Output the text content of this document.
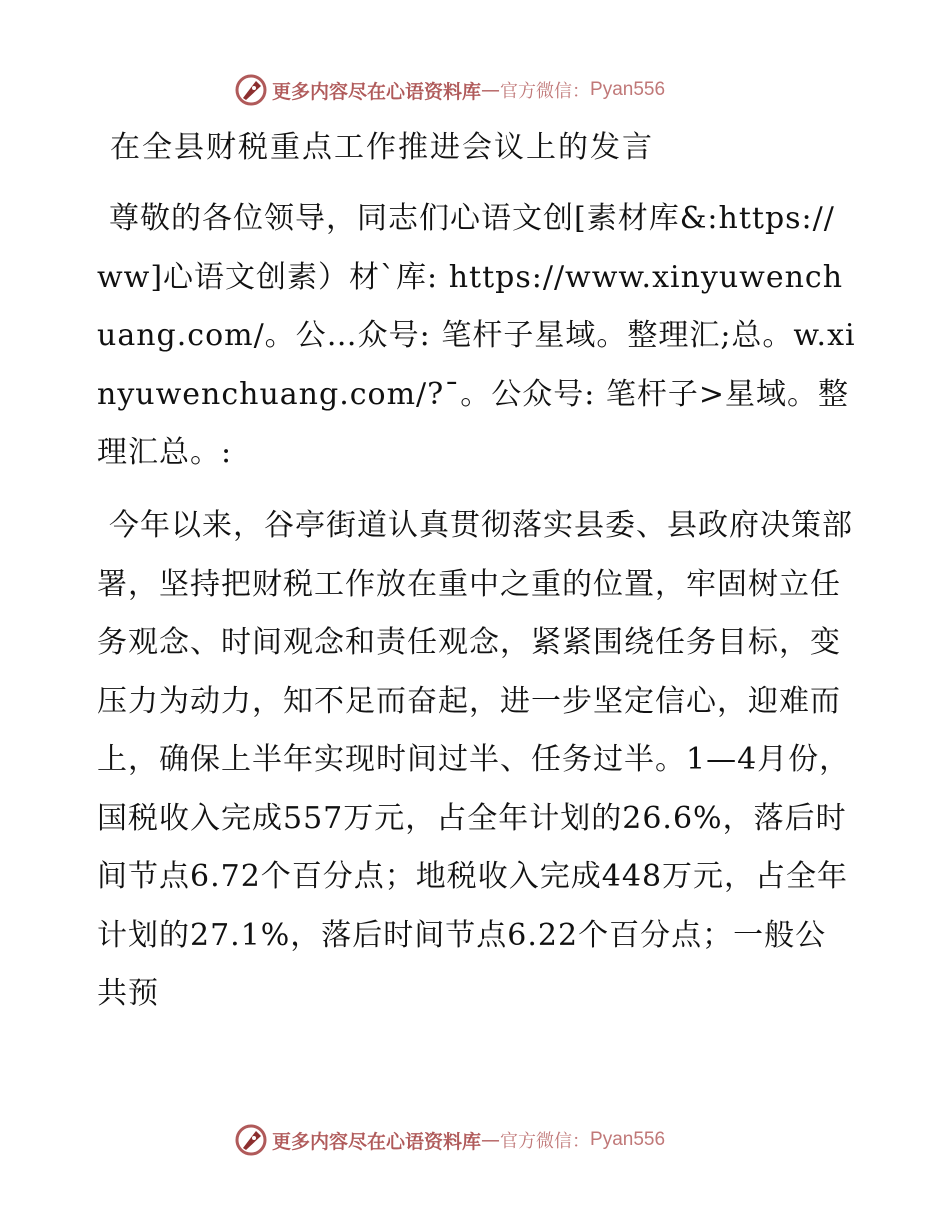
更多内容尽在心语资料库 — 官方微信： Pyan556
在全县财税重点工作推进会议上的发言

尊敬的各位领导，同志们心语文创[素材库&:https://ww]心语文创素）材`库: https://www.xinyuwenchuang.com/。公…众号: 笔杆子星域。整理汇;总。w.xinyuwenchuang.com/?¯。公众号: 笔杆子>星域。整理汇总。:

今年以来，谷亭街道认真贯彻落实县委、县政府决策部署，坚持把财税工作放在重中之重的位置，牢固树立任务观念、时间观念和责任观念，紧紧围绕任务目标，变压力为动力，知不足而奋起，进一步坚定信心，迎难而上，确保上半年实现时间过半、任务过半。1—4月份，国税收入完成557万元，占全年计划的26.6%，落后时间节点6.72个百分点；地税收入完成448万元，占全年计划的27.1%，落后时间节点6.22个百分点；一般公共预

更多内容尽在心语资料库 — 官方微信： Pyan556
